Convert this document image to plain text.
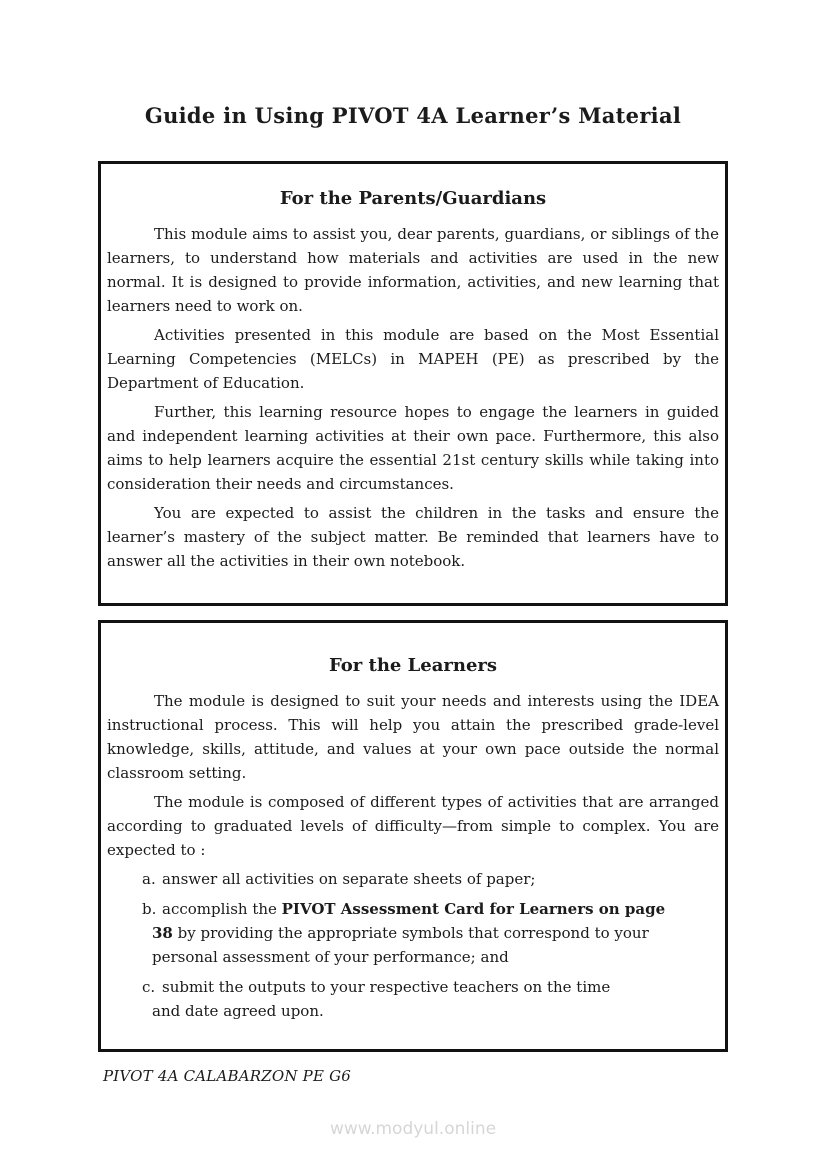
Guide in Using PIVOT 4A Learner’s Material
For the Parents/Guardians

This module aims to assist you, dear parents, guardians, or siblings of the learners, to understand how materials and activities are used in the new normal. It is designed to provide information, activities, and new learning that learners need to work on.

Activities presented in this module are based on the Most Essential Learning Competencies (MELCs) in MAPEH (PE) as prescribed by the Department of Education.

Further, this learning resource hopes to engage the learners in guided and independent learning activities at their own pace. Furthermore, this also aims to help learners acquire the essential 21st century skills while taking into consideration their needs and circumstances.

You are expected to assist the children in the tasks and ensure the learner’s mastery of the subject matter. Be reminded that learners have to answer all the activities in their own notebook.

For the Learners

The module is designed to suit your needs and interests using the IDEA instructional process. This will help you attain the prescribed grade-level knowledge, skills, attitude, and values at your own pace outside the normal classroom setting.

The module is composed of different types of activities that are arranged according to graduated levels of difficulty—from simple to complex. You are expected to :

a. answer all activities on separate sheets of paper;
b. accomplish the PIVOT Assessment Card for Learners on page
38 by providing the appropriate symbols that correspond to your
personal assessment of your performance; and
c. submit the outputs to your respective teachers on the time
and date agreed upon.
PIVOT 4A CALABARZON PE G6
www.modyul.online
